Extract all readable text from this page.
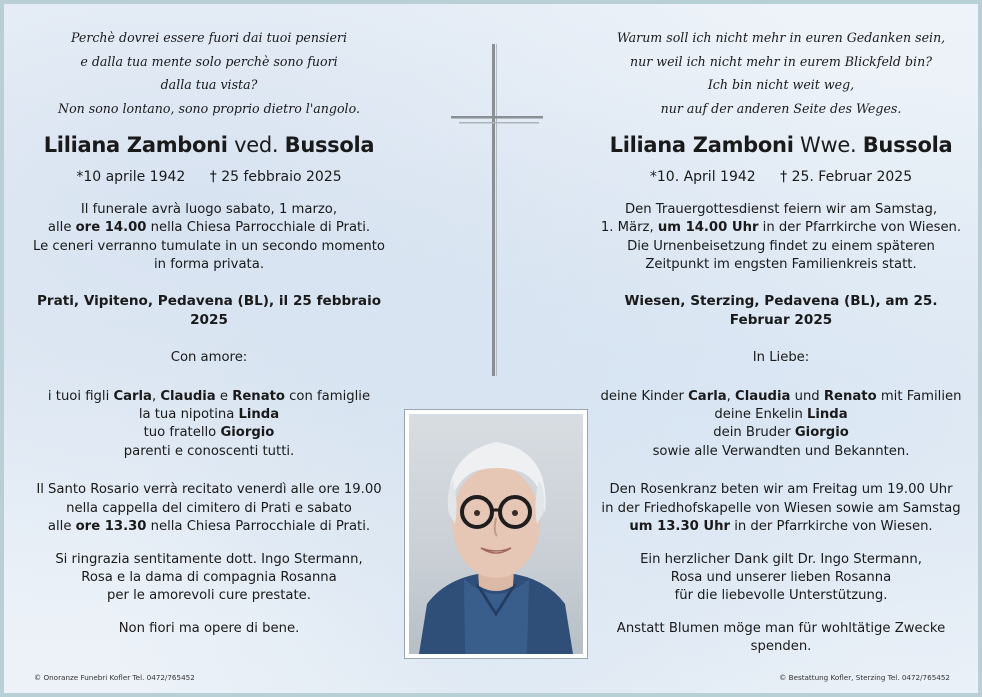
Perchè dovrei essere fuori dai tuoi pensieri

e dalla tua mente solo perchè sono fuori

dalla tua vista?

Non sono lontano, sono proprio dietro l'angolo.

Liliana Zamboni ved. Bussola
*10 aprile 1942 † 25 febbraio 2025

Il funerale avrà luogo sabato, 1 marzo,

alle ore 14.00 nella Chiesa Parrocchiale di Prati.

Le ceneri verranno tumulate in un secondo momento

in forma privata.

Prati, Vipiteno, Pedavena (BL), il 25 febbraio 2025
Con amore:

i tuoi figli Carla, Claudia e Renato con famiglie

la tua nipotina Linda

tuo fratello Giorgio

parenti e conoscenti tutti.

Il Santo Rosario verrà recitato venerdì alle ore 19.00

nella cappella del cimitero di Prati e sabato

alle ore 13.30 nella Chiesa Parrocchiale di Prati.

Si ringrazia sentitamente dott. Ingo Stermann,

Rosa e la dama di compagnia Rosanna

per le amorevoli cure prestate.

Non fiori ma opere di bene.

Warum soll ich nicht mehr in euren Gedanken sein,

nur weil ich nicht mehr in eurem Blickfeld bin?

Ich bin nicht weit weg,

nur auf der anderen Seite des Weges.

Liliana Zamboni Wwe. Bussola
*10. April 1942 † 25. Februar 2025

Den Trauergottesdienst feiern wir am Samstag,

1. März, um 14.00 Uhr in der Pfarrkirche von Wiesen.

Die Urnenbeisetzung findet zu einem späteren

Zeitpunkt im engsten Familienkreis statt.

Wiesen, Sterzing, Pedavena (BL), am 25. Februar 2025
In Liebe:

deine Kinder Carla, Claudia und Renato mit Familien

deine Enkelin Linda

dein Bruder Giorgio

sowie alle Verwandten und Bekannten.

Den Rosenkranz beten wir am Freitag um 19.00 Uhr

in der Friedhofskapelle von Wiesen sowie am Samstag

um 13.30 Uhr in der Pfarrkirche von Wiesen.

Ein herzlicher Dank gilt Dr. Ingo Stermann,

Rosa und unserer lieben Rosanna

für die liebevolle Unterstützung.

Anstatt Blumen möge man für wohltätige Zwecke

spenden.

© Onoranze Funebri Kofler Tel. 0472/765452	© Bestattung Kofler, Sterzing Tel. 0472/765452
